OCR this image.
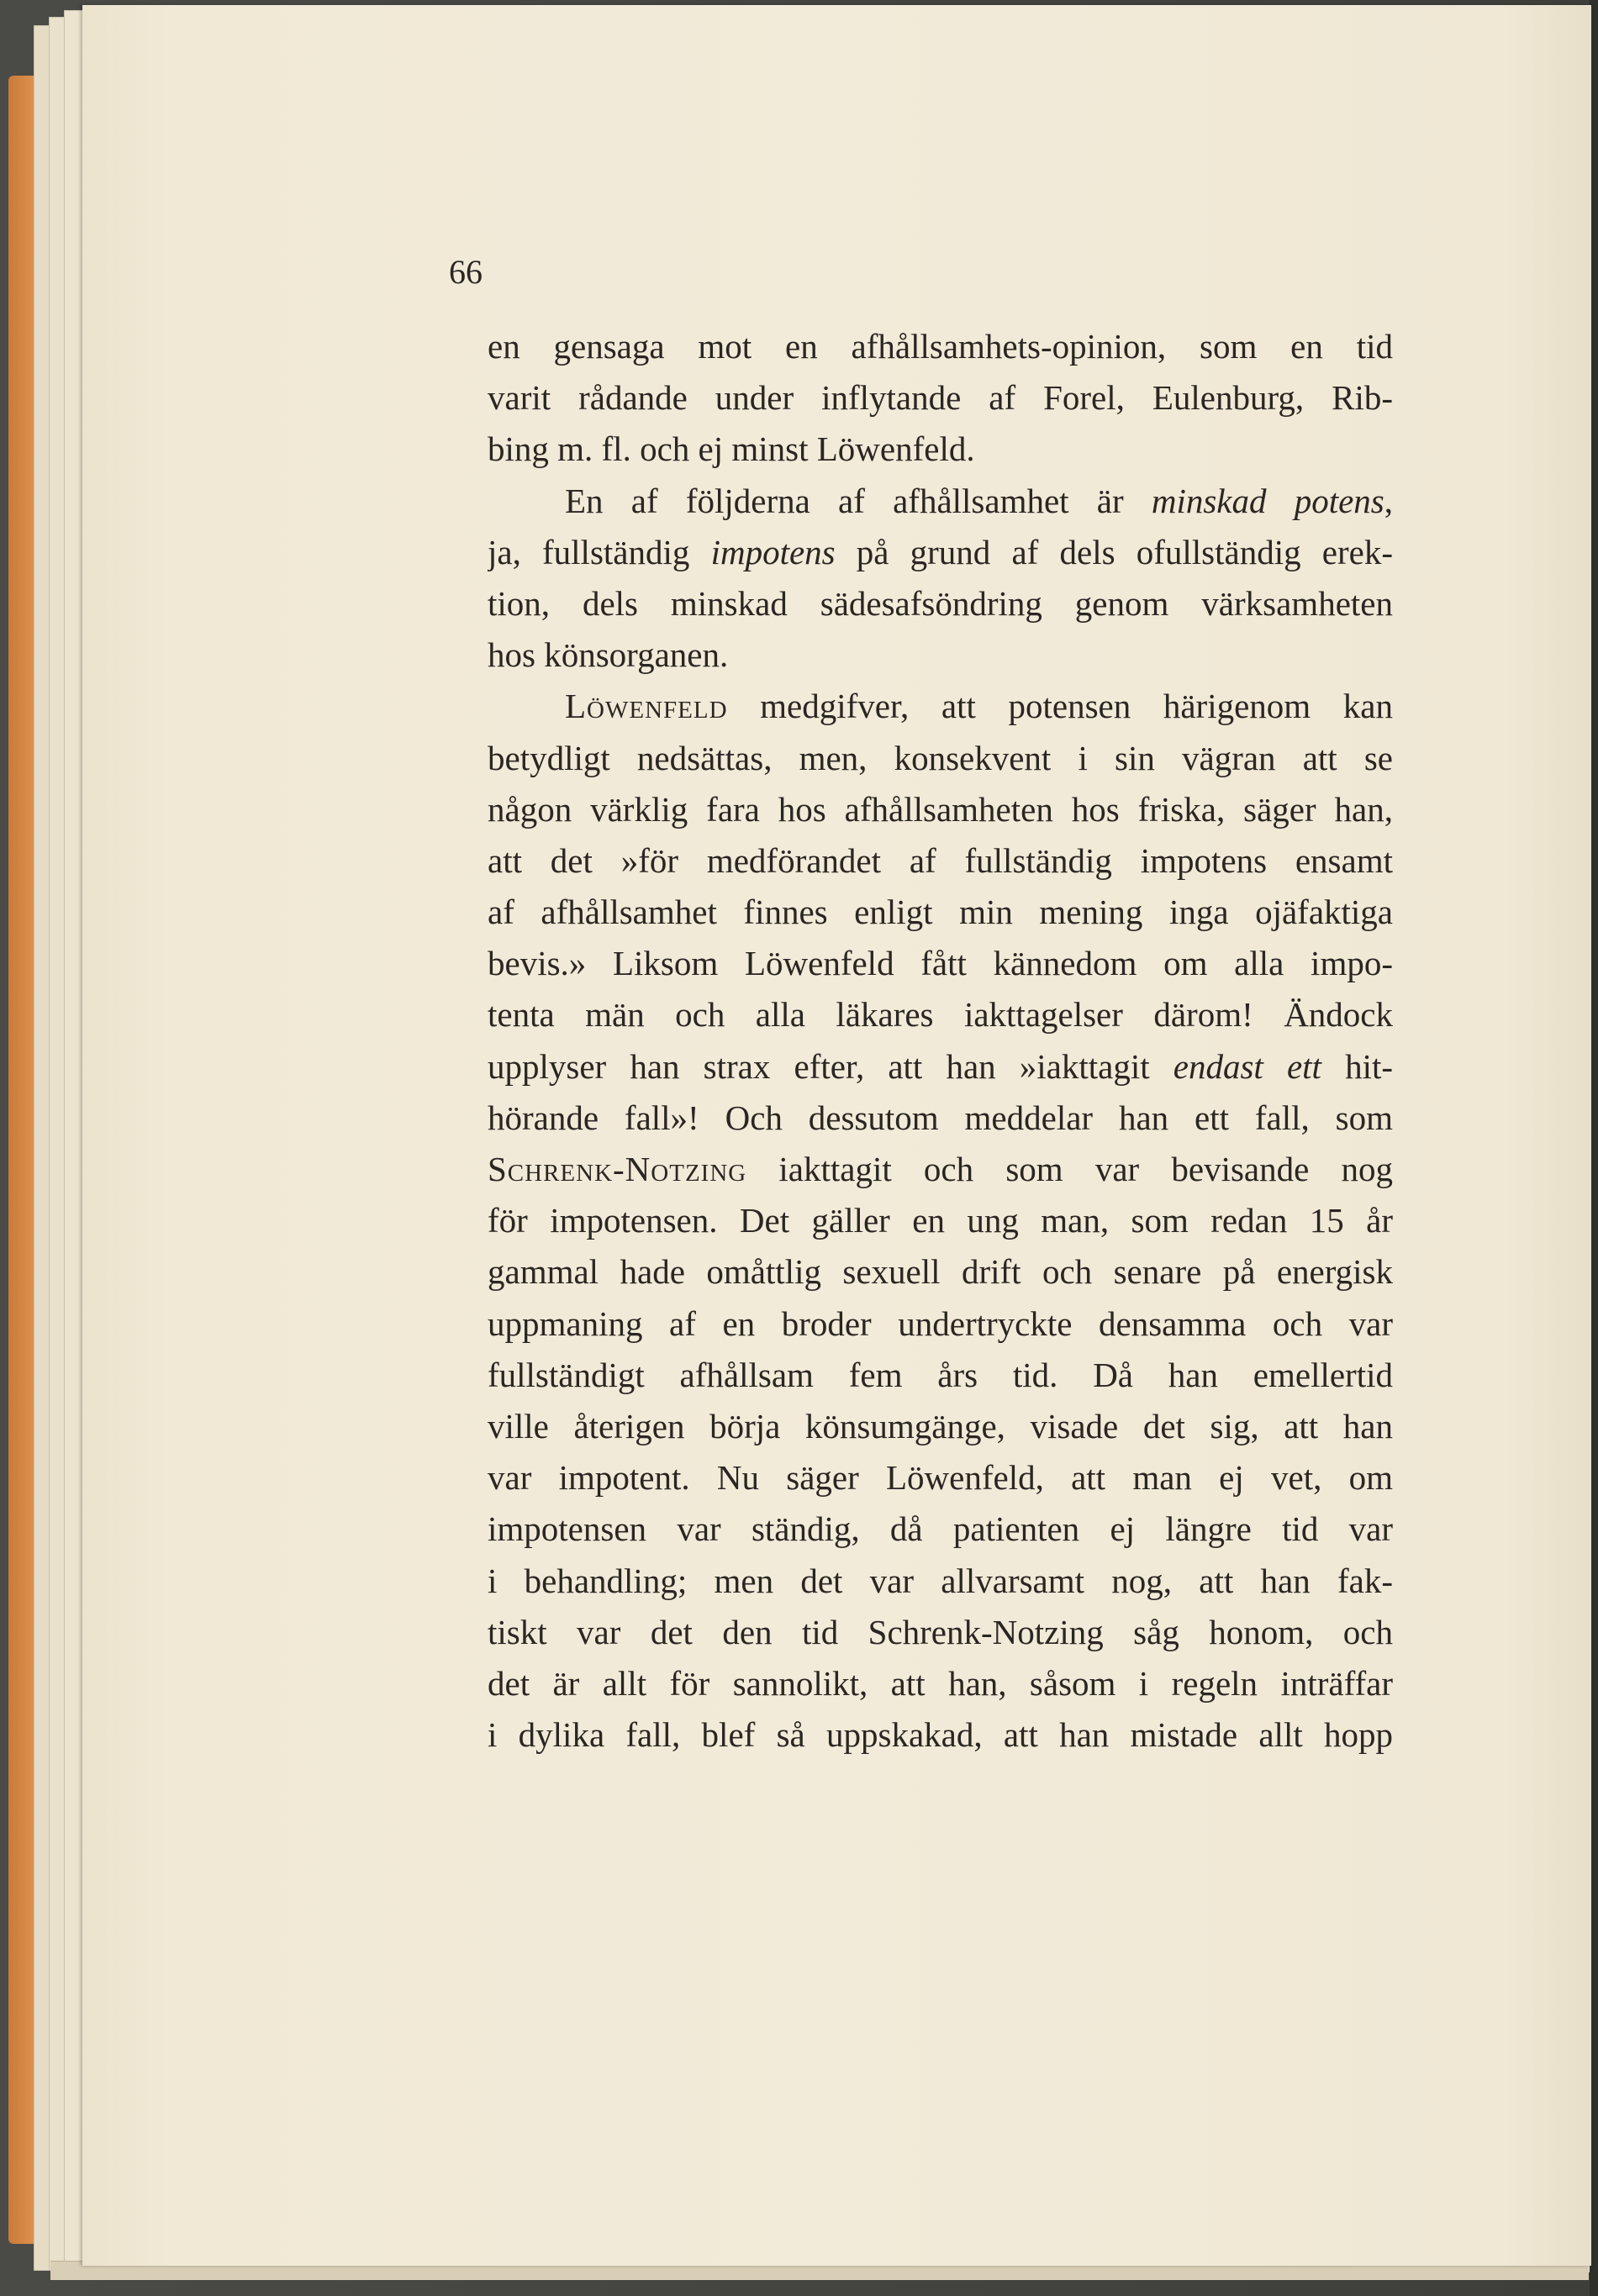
66
en gensaga mot en afhållsamhets-opinion, som en tid
varit rådande under inflytande af Forel, Eulenburg, Rib-
bing m. fl. och ej minst Löwenfeld.
En af följderna af afhållsamhet är minskad potens,
ja, fullständig impotens på grund af dels ofullständig erek-
tion, dels minskad sädesafsöndring genom värksamheten
hos könsorganen.
Löwenfeld medgifver, att potensen härigenom kan
betydligt nedsättas, men, konsekvent i sin vägran att se
någon värklig fara hos afhållsamheten hos friska, säger han,
att det »för medförandet af fullständig impotens ensamt
af afhållsamhet finnes enligt min mening inga ojäfaktiga
bevis.» Liksom Löwenfeld fått kännedom om alla impo-
tenta män och alla läkares iakttagelser därom! Ändock
upplyser han strax efter, att han »iakttagit endast ett hit-
hörande fall»! Och dessutom meddelar han ett fall, som
Schrenk-Notzing iakttagit och som var bevisande nog
för impotensen. Det gäller en ung man, som redan 15 år
gammal hade omåttlig sexuell drift och senare på energisk
uppmaning af en broder undertryckte densamma och var
fullständigt afhållsam fem års tid. Då han emellertid
ville återigen börja könsumgänge, visade det sig, att han
var impotent. Nu säger Löwenfeld, att man ej vet, om
impotensen var ständig, då patienten ej längre tid var
i behandling; men det var allvarsamt nog, att han fak-
tiskt var det den tid Schrenk-Notzing såg honom, och
det är allt för sannolikt, att han, såsom i regeln inträffar
i dylika fall, blef så uppskakad, att han mistade allt hopp
